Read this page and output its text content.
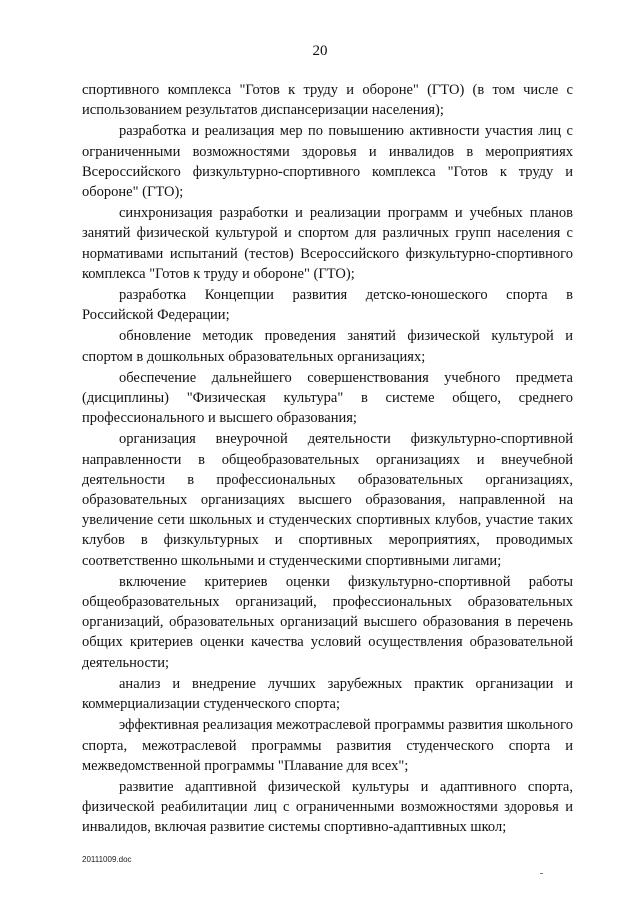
20

спортивного комплекса "Готов к труду и обороне" (ГТО) (в том числе с использованием результатов диспансеризации населения);

разработка и реализация мер по повышению активности участия лиц с ограниченными возможностями здоровья и инвалидов в мероприятиях Всероссийского физкультурно-спортивного комплекса "Готов к труду и обороне" (ГТО);

синхронизация разработки и реализации программ и учебных планов занятий физической культурой и спортом для различных групп населения с нормативами испытаний (тестов) Всероссийского физкультурно-спортивного комплекса "Готов к труду и обороне" (ГТО);

разработка Концепции развития детско-юношеского спорта в Российской Федерации;

обновление методик проведения занятий физической культурой и спортом в дошкольных образовательных организациях;

обеспечение дальнейшего совершенствования учебного предмета (дисциплины) "Физическая культура" в системе общего, среднего профессионального и высшего образования;

организация внеурочной деятельности физкультурно-спортивной направленности в общеобразовательных организациях и внеучебной деятельности в профессиональных образовательных организациях, образовательных организациях высшего образования, направленной на увеличение сети школьных и студенческих спортивных клубов, участие таких клубов в физкультурных и спортивных мероприятиях, проводимых соответственно школьными и студенческими спортивными лигами;

включение критериев оценки физкультурно-спортивной работы общеобразовательных организаций, профессиональных образовательных организаций, образовательных организаций высшего образования в перечень общих критериев оценки качества условий осуществления образовательной деятельности;

анализ и внедрение лучших зарубежных практик организации и коммерциализации студенческого спорта;

эффективная реализация межотраслевой программы развития школьного спорта, межотраслевой программы развития студенческого спорта и межведомственной программы "Плавание для всех";

развитие адаптивной физической культуры и адаптивного спорта, физической реабилитации лиц с ограниченными возможностями здоровья и инвалидов, включая развитие системы спортивно-адаптивных школ;

20111009.doc
